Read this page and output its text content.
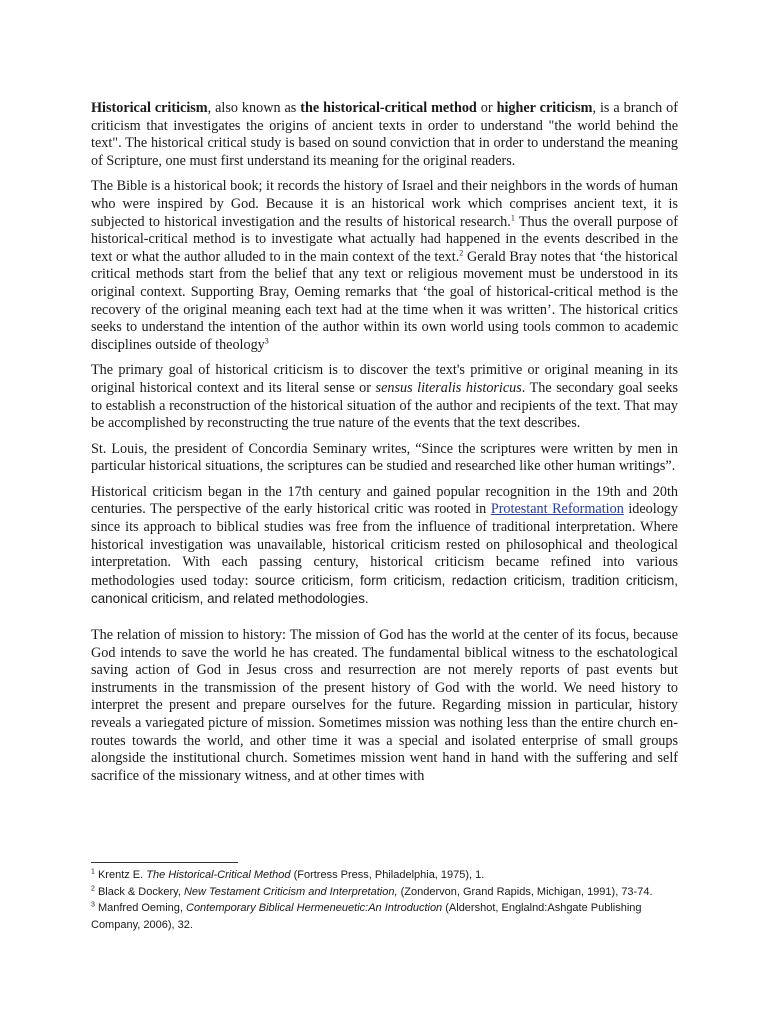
Historical criticism, also known as the historical-critical method or higher criticism, is a branch of criticism that investigates the origins of ancient texts in order to understand "the world behind the text". The historical critical study is based on sound conviction that in order to understand the meaning of Scripture, one must first understand its meaning for the original readers.

The Bible is a historical book; it records the history of Israel and their neighbors in the words of human who were inspired by God. Because it is an historical work which comprises ancient text, it is subjected to historical investigation and the results of historical research.$^1$ Thus the overall purpose of historical-critical method is to investigate what actually had happened in the events described in the text or what the author alluded to in the main context of the text.$^2$ Gerald Bray notes that ‘the historical critical methods start from the belief that any text or religious movement must be understood in its original context. Supporting Bray, Oeming remarks that ‘the goal of historical-critical method is the recovery of the original meaning each text had at the time when it was written’. The historical critics seeks to understand the intention of the author within its own world using tools common to academic disciplines outside of theology$^3$

The primary goal of historical criticism is to discover the text's primitive or original meaning in its original historical context and its literal sense or sensus literalis historicus. The secondary goal seeks to establish a reconstruction of the historical situation of the author and recipients of the text. That may be accomplished by reconstructing the true nature of the events that the text describes.

St. Louis, the president of Concordia Seminary writes, “Since the scriptures were written by men in particular historical situations, the scriptures can be studied and researched like other human writings”.

Historical criticism began in the 17th century and gained popular recognition in the 19th and 20th centuries. The perspective of the early historical critic was rooted in Protestant Reformation ideology since its approach to biblical studies was free from the influence of traditional interpretation. Where historical investigation was unavailable, historical criticism rested on philosophical and theological interpretation. With each passing century, historical criticism became refined into various methodologies used today: source criticism, form criticism, redaction criticism, tradition criticism, canonical criticism, and related methodologies.

The relation of mission to history: The mission of God has the world at the center of its focus, because God intends to save the world he has created. The fundamental biblical witness to the eschatological saving action of God in Jesus cross and resurrection are not merely reports of past events but instruments in the transmission of the present history of God with the world. We need history to interpret the present and prepare ourselves for the future. Regarding mission in particular, history reveals a variegated picture of mission. Sometimes mission was nothing less than the entire church en-routes towards the world, and other time it was a special and isolated enterprise of small groups alongside the institutional church. Sometimes mission went hand in hand with the suffering and self sacrifice of the missionary witness, and at other times with

$^1$ Krentz E. The Historical-Critical Method (Fortress Press, Philadelphia, 1975), 1.

$^2$ Black & Dockery, New Testament Criticism and Interpretation, (Zondervon, Grand Rapids, Michigan, 1991), 73-74.

$^3$ Manfred Oeming, Contemporary Biblical Hermeneuetic:An Introduction (Aldershot, Englalnd:Ashgate Publishing Company, 2006), 32.
